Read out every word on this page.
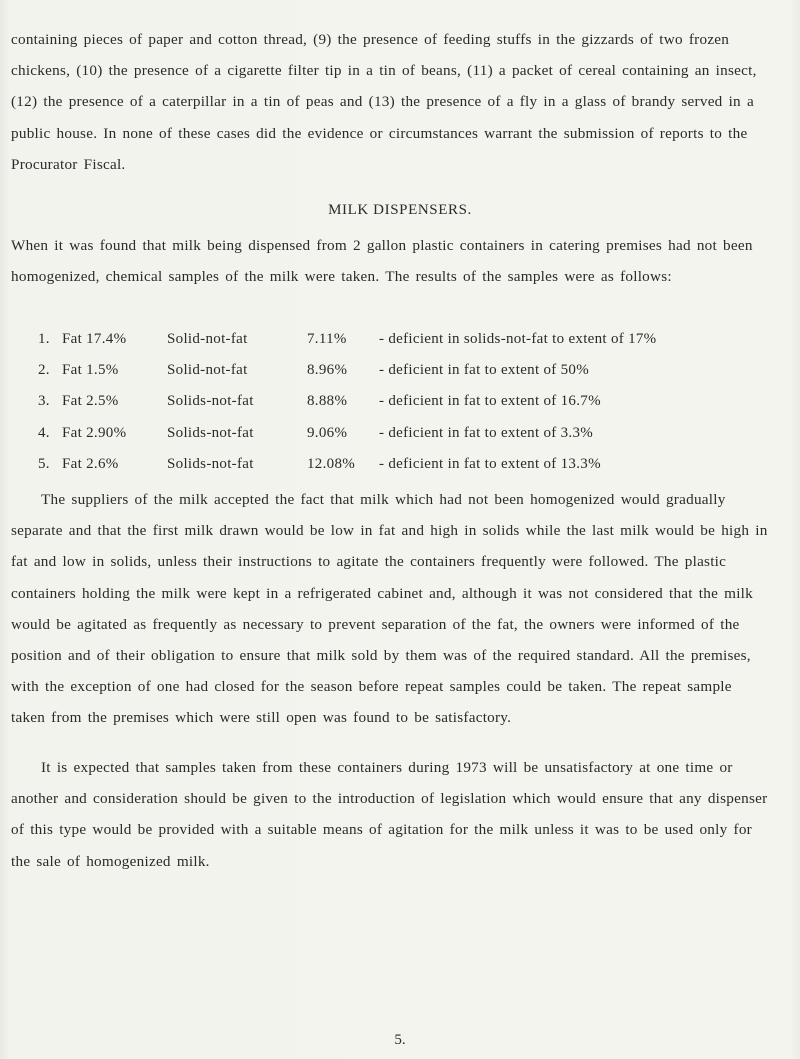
containing pieces of paper and cotton thread, (9) the presence of feeding stuffs in the gizzards of two frozen chickens, (10) the presence of a cigarette filter tip in a tin of beans, (11) a packet of cereal containing an insect, (12) the presence of a caterpillar in a tin of peas and (13) the presence of a fly in a glass of brandy served in a public house. In none of these cases did the evidence or circumstances warrant the submission of reports to the Procurator Fiscal.

MILK DISPENSERS.

When it was found that milk being dispensed from 2 gallon plastic containers in catering premises had not been homogenized, chemical samples of the milk were taken. The results of the samples were as follows:

1. Fat 17.4%	Solid-not-fat	7.11%	- deficient in solids-not-fat to extent of 17%
2. Fat 1.5%	Solid-not-fat	8.96%	- deficient in fat to extent of 50%
3. Fat 2.5%	Solids-not-fat	8.88%	- deficient in fat to extent of 16.7%
4. Fat 2.90%	Solids-not-fat	9.06%	- deficient in fat to extent of 3.3%
5. Fat 2.6%	Solids-not-fat	12.08%	- deficient in fat to extent of 13.3%

The suppliers of the milk accepted the fact that milk which had not been homogenized would gradually separate and that the first milk drawn would be low in fat and high in solids while the last milk would be high in fat and low in solids, unless their instructions to agitate the containers frequently were followed. The plastic containers holding the milk were kept in a refrigerated cabinet and, although it was not considered that the milk would be agitated as frequently as necessary to prevent separation of the fat, the owners were informed of the position and of their obligation to ensure that milk sold by them was of the required standard. All the premises, with the exception of one had closed for the season before repeat samples could be taken. The repeat sample taken from the premises which were still open was found to be satisfactory.

It is expected that samples taken from these containers during 1973 will be unsatisfactory at one time or another and consideration should be given to the introduction of legislation which would ensure that any dispenser of this type would be provided with a suitable means of agitation for the milk unless it was to be used only for the sale of homogenized milk.

5.
